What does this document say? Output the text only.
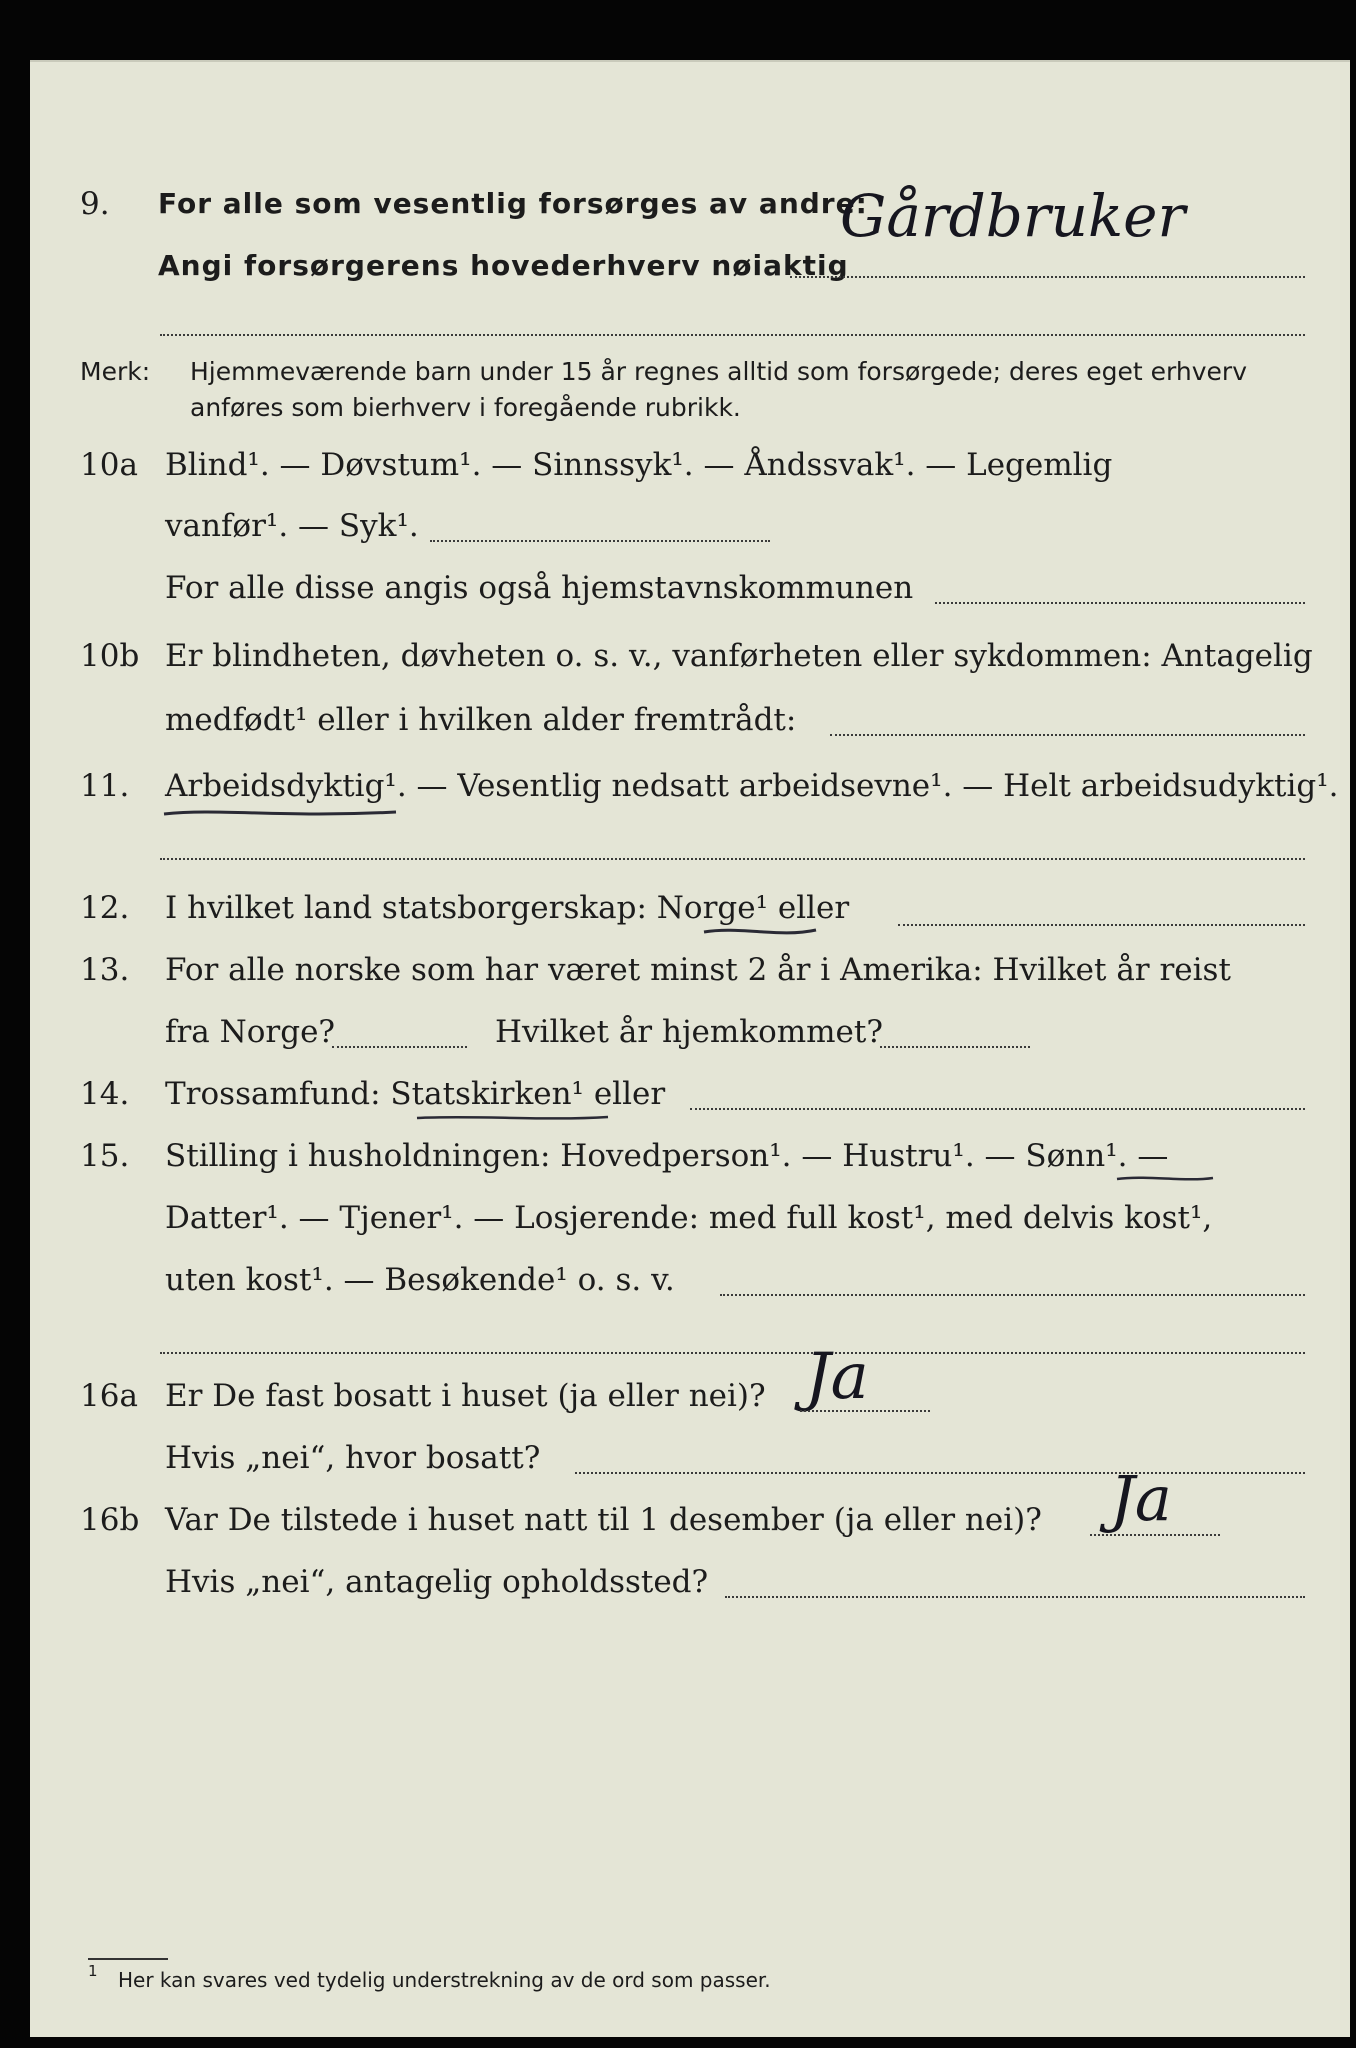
9.	For alle som vesentlig forsørges av andre:
Gårdbruker
Angi forsørgerens hovederhverv nøiaktig
Merk: Hjemmeværende barn under 15 år regnes alltid som forsørgede; deres eget erhverv
anføres som bierhverv i foregående rubrikk.
10a Blind¹. — Døvstum¹. — Sinnssyk¹. — Åndssvak¹. — Legemlig
vanfør¹. — Syk¹.
For alle disse angis også hjemstavnskommunen
10b Er blindheten, døvheten o. s. v., vanførheten eller sykdommen: Antagelig
medfødt¹ eller i hvilken alder fremtrådt:
11.	Arbeidsdyktig¹. — Vesentlig nedsatt arbeidsevne¹. — Helt arbeidsudyktig¹.
12.	I hvilket land statsborgerskap: Norge¹ eller
13.	For alle norske som har været minst 2 år i Amerika: Hvilket år reist
fra Norge?	Hvilket år hjemkommet?
14.	Trossamfund: Statskirken¹ eller
15.	Stilling i husholdningen: Hovedperson¹. — Hustru¹. — Sønn¹. —
Datter¹. — Tjener¹. — Losjerende: med full kost¹, med delvis kost¹,
uten kost¹. — Besøkende¹ o. s. v.
16a Er De fast bosatt i huset (ja eller nei)? Ja
Hvis „nei“, hvor bosatt?
16b Var De tilstede i huset natt til 1 desember (ja eller nei)? Ja
Hvis „nei“, antagelig opholdssted?
1 Her kan svares ved tydelig understrekning av de ord som passer.
